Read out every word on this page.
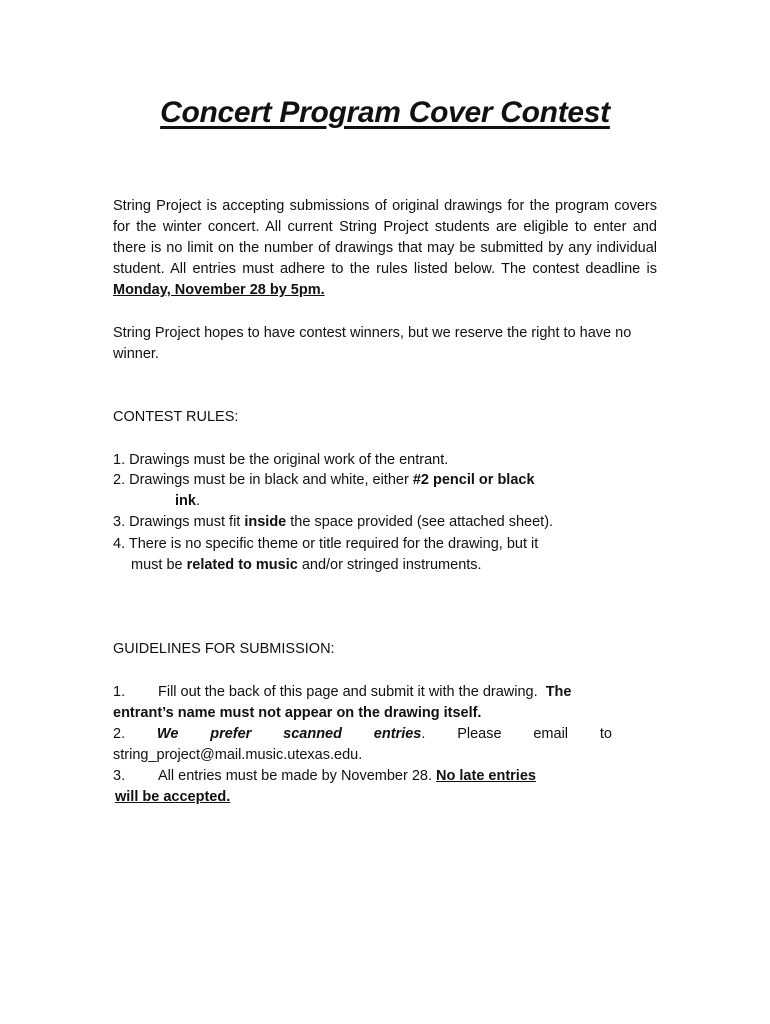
Concert Program Cover Contest
String Project is accepting submissions of original drawings for the program covers for the winter concert. All current String Project students are eligible to enter and there is no limit on the number of drawings that may be submitted by any individual student. All entries must adhere to the rules listed below. The contest deadline is Monday, November 28 by 5pm.
String Project hopes to have contest winners, but we reserve the right to have no winner.
CONTEST RULES:
1. Drawings must be the original work of the entrant.
2. Drawings must be in black and white, either #2 pencil or black
ink.
3. Drawings must fit inside the space provided (see attached sheet).
4. There is no specific theme or title required for the drawing, but it
must be related to music and/or stringed instruments.
GUIDELINES FOR SUBMISSION:
1. Fill out the back of this page and submit it with the drawing. The
entrant’s name must not appear on the drawing itself.
2. We prefer scanned entries. Please email to
string_project@mail.music.utexas.edu.
3. All entries must be made by November 28. No late entries
will be accepted.
